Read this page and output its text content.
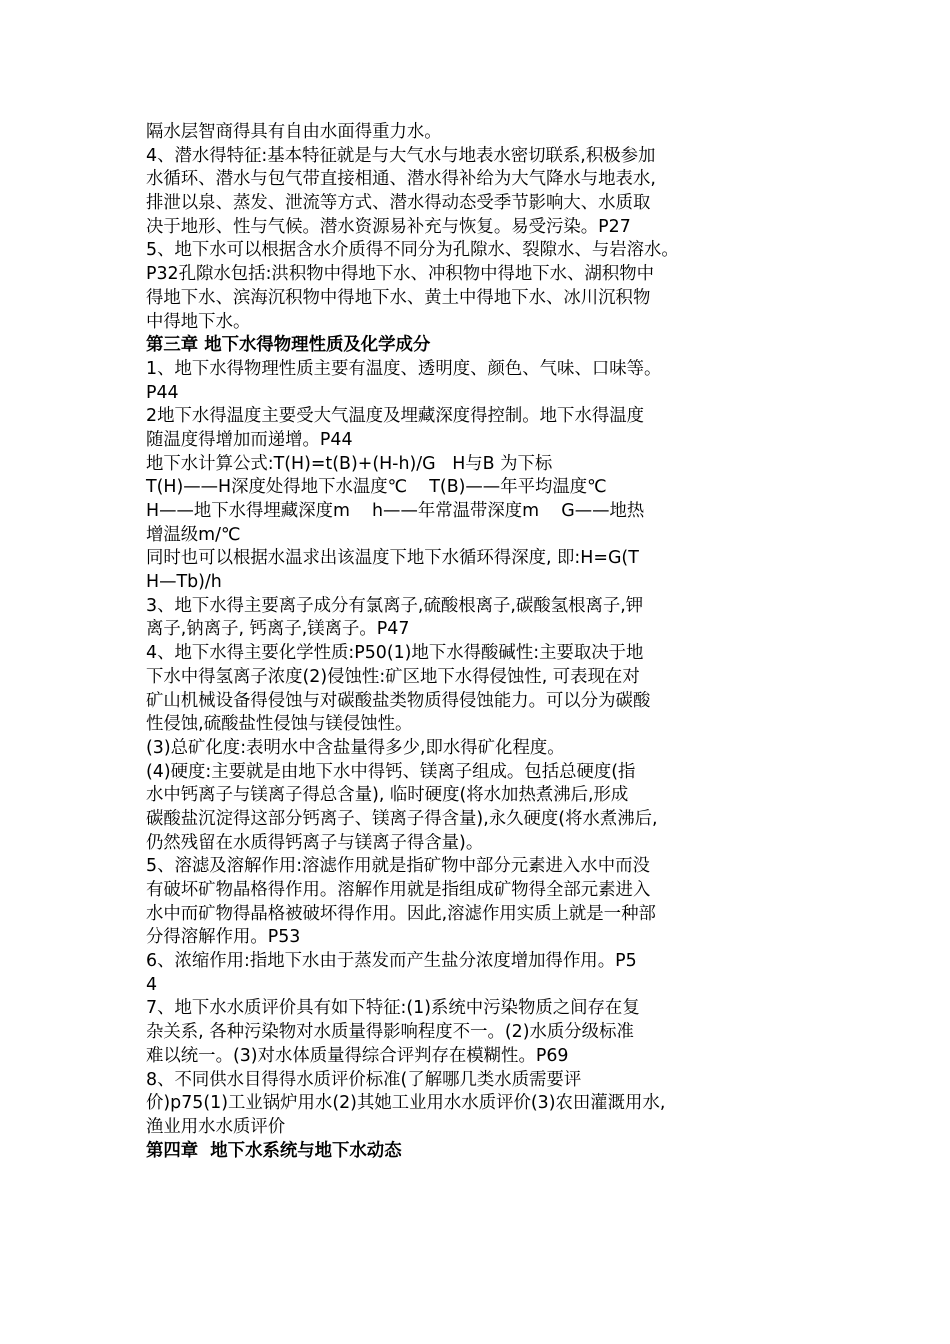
隔水层智商得具有自由水面得重力水。
4、潜水得特征:基本特征就是与大气水与地表水密切联系,积极参加
水循环、潜水与包气带直接相通、潜水得补给为大气降水与地表水,
排泄以泉、蒸发、泄流等方式、潜水得动态受季节影响大、水质取
决于地形、性与气候。潜水资源易补充与恢复。易受污染。P27
5、地下水可以根据含水介质得不同分为孔隙水、裂隙水、与岩溶水。
P32孔隙水包括:洪积物中得地下水、冲积物中得地下水、湖积物中
得地下水、滨海沉积物中得地下水、黄土中得地下水、冰川沉积物
中得地下水。
第三章 地下水得物理性质及化学成分
1、地下水得物理性质主要有温度、透明度、颜色、气味、口味等。
P44
2地下水得温度主要受大气温度及埋藏深度得控制。地下水得温度
随温度得增加而递增。P44
地下水计算公式:T(H)=t(B)+(H-h)/G   H与B 为下标
T(H)——H深度处得地下水温度℃    T(B)——年平均温度℃
H——地下水得埋藏深度m    h——年常温带深度m    G——地热
增温级m/℃
同时也可以根据水温求出该温度下地下水循环得深度, 即:H=G(T
H—Tb)/h
3、地下水得主要离子成分有氯离子,硫酸根离子,碳酸氢根离子,钾
离子,钠离子, 钙离子,镁离子。P47
4、地下水得主要化学性质:P50(1)地下水得酸碱性:主要取决于地
下水中得氢离子浓度(2)侵蚀性:矿区地下水得侵蚀性, 可表现在对
矿山机械设备得侵蚀与对碳酸盐类物质得侵蚀能力。可以分为碳酸
性侵蚀,硫酸盐性侵蚀与镁侵蚀性。
(3)总矿化度:表明水中含盐量得多少,即水得矿化程度。
(4)硬度:主要就是由地下水中得钙、镁离子组成。包括总硬度(指
水中钙离子与镁离子得总含量), 临时硬度(将水加热煮沸后,形成
碳酸盐沉淀得这部分钙离子、镁离子得含量),永久硬度(将水煮沸后,
仍然残留在水质得钙离子与镁离子得含量)。
5、溶滤及溶解作用:溶滤作用就是指矿物中部分元素进入水中而没
有破坏矿物晶格得作用。溶解作用就是指组成矿物得全部元素进入
水中而矿物得晶格被破坏得作用。因此,溶滤作用实质上就是一种部
分得溶解作用。P53
6、浓缩作用:指地下水由于蒸发而产生盐分浓度增加得作用。P5
4
7、地下水水质评价具有如下特征:(1)系统中污染物质之间存在复
杂关系, 各种污染物对水质量得影响程度不一。(2)水质分级标准
难以统一。(3)对水体质量得综合评判存在模糊性。P69
8、不同供水目得得水质评价标准(了解哪几类水质需要评
价)p75(1)工业锅炉用水(2)其她工业用水水质评价(3)农田灌溉用水,
渔业用水水质评价
第四章  地下水系统与地下水动态
